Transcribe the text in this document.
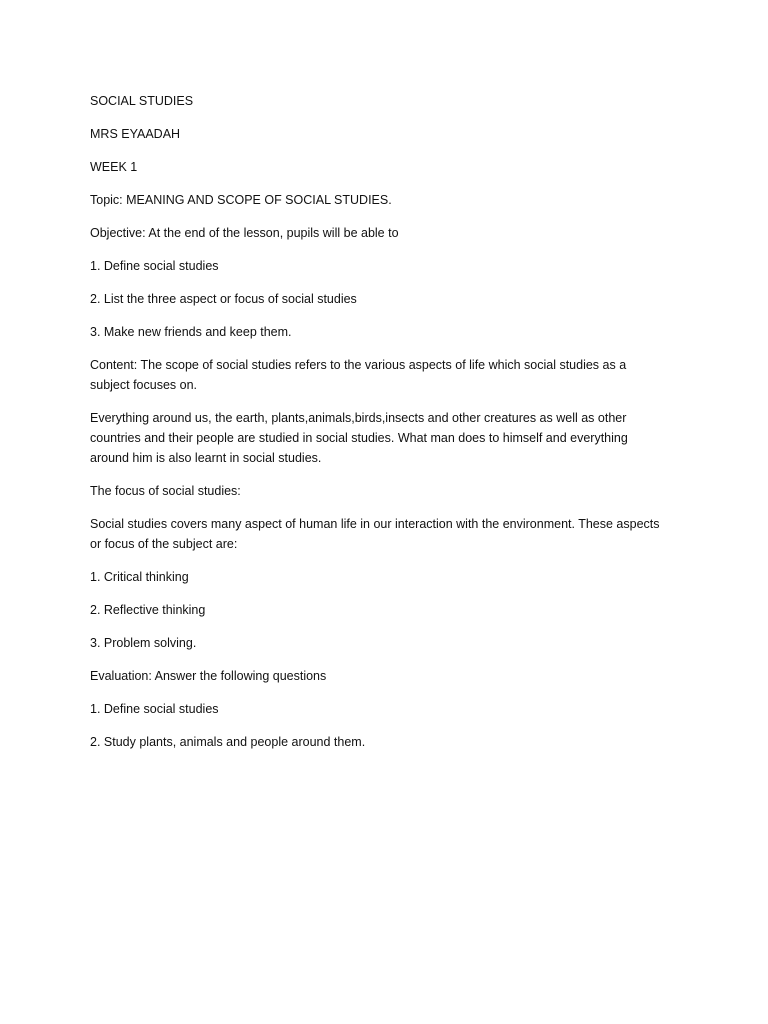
SOCIAL STUDIES

MRS EYAADAH

WEEK 1

Topic: MEANING AND SCOPE OF SOCIAL STUDIES.

Objective: At the end of the lesson, pupils will be able to

1. Define social studies

2. List the three aspect or focus of social studies

3. Make new friends and keep them.

Content: The scope of social studies refers to the various aspects of life which social studies as a subject focuses on.

Everything around us, the earth, plants,animals,birds,insects and other creatures as well as other countries and their people are studied in social studies. What man does to himself and everything around him is also learnt in social studies.

The focus of social studies:

Social studies covers many aspect of human life in our interaction with the environment. These aspects or focus of the subject are:

1. Critical thinking

2. Reflective thinking

3. Problem solving.

Evaluation: Answer the following questions

1. Define social studies

2. Study plants, animals and people around them.
